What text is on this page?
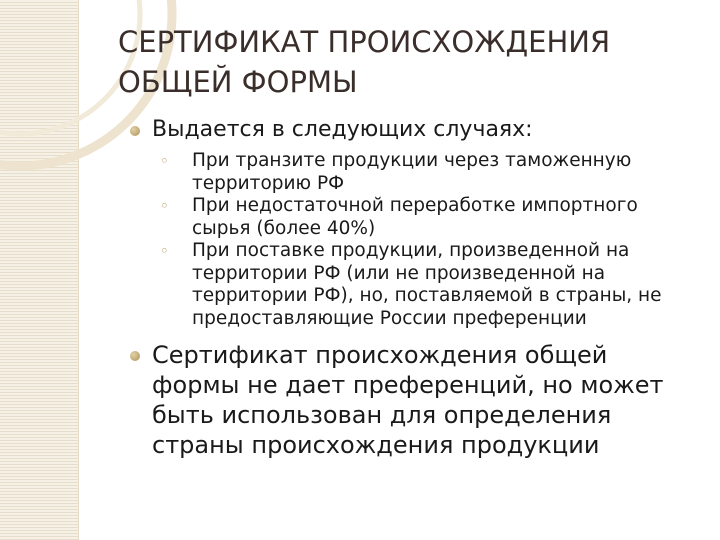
СЕРТИФИКАТ ПРОИСХОЖДЕНИЯ
ОБЩЕЙ ФОРМЫ
Выдается в следующих случаях:
◦ При транзите продукции через таможенную территорию РФ
◦ При недостаточной переработке импортного сырья (более 40%)
◦ При поставке продукции, произведенной на территории РФ (или не произведенной на территории РФ), но, поставляемой в страны, не предоставляющие России преференции
Сертификат происхождения общей формы не дает преференций, но может быть использован для определения страны происхождения продукции
